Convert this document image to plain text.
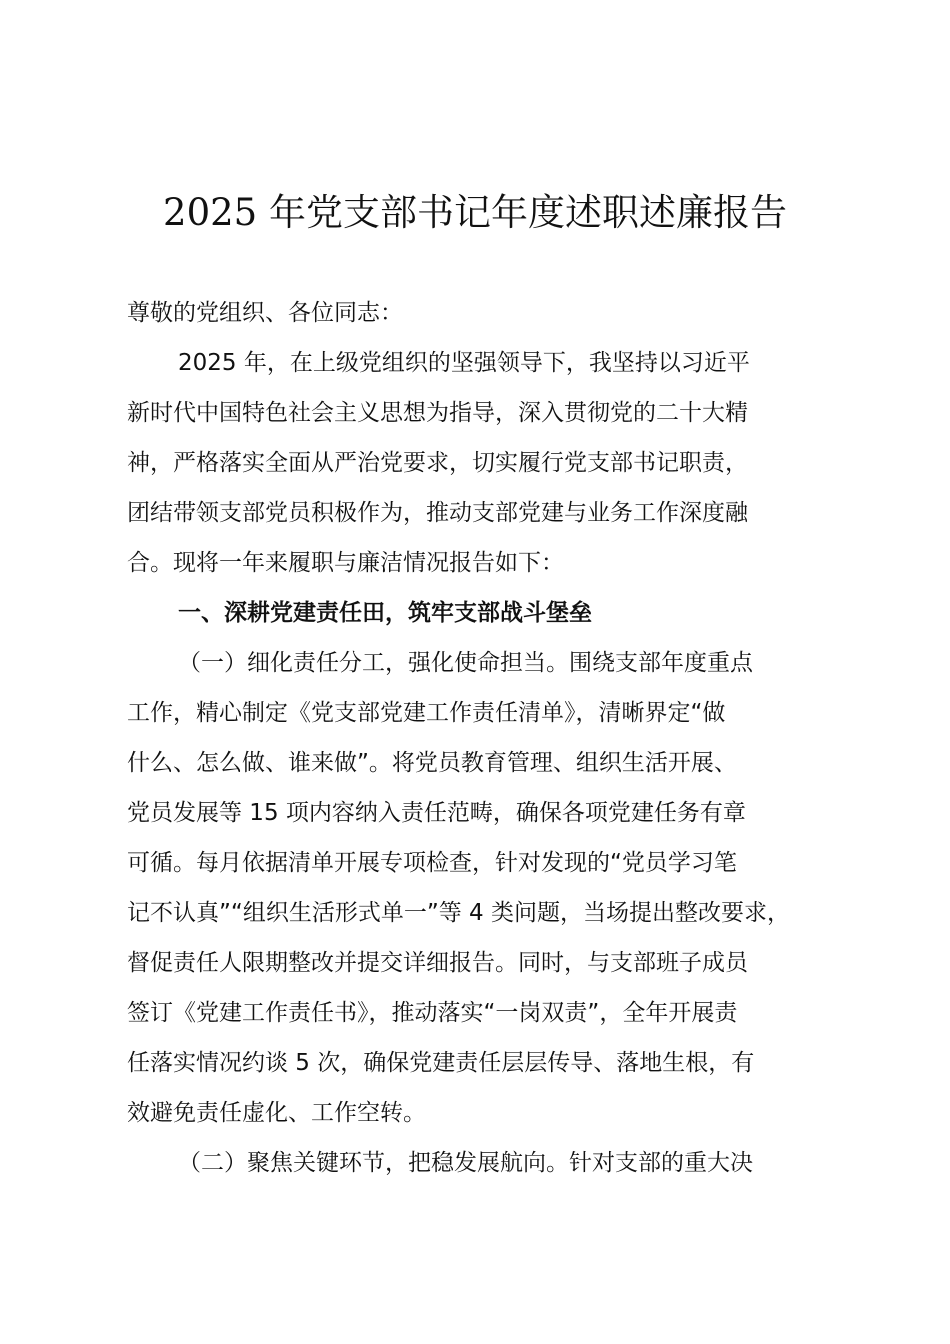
2025 年党支部书记年度述职述廉报告

尊敬的党组织、各位同志：

2025 年，在上级党组织的坚强领导下，我坚持以习近平

新时代中国特色社会主义思想为指导，深入贯彻党的二十大精

神，严格落实全面从严治党要求，切实履行党支部书记职责，

团结带领支部党员积极作为，推动支部党建与业务工作深度融

合。现将一年来履职与廉洁情况报告如下：

一、深耕党建责任田，筑牢支部战斗堡垒

（一）细化责任分工，强化使命担当。围绕支部年度重点

工作，精心制定《党支部党建工作责任清单》，清晰界定“做

什么、怎么做、谁来做”。将党员教育管理、组织生活开展、

党员发展等 15 项内容纳入责任范畴，确保各项党建任务有章

可循。每月依据清单开展专项检查，针对发现的“党员学习笔

记不认真”“组织生活形式单一”等 4 类问题，当场提出整改要求，

督促责任人限期整改并提交详细报告。同时，与支部班子成员

签订《党建工作责任书》，推动落实“一岗双责”，全年开展责

任落实情况约谈 5 次，确保党建责任层层传导、落地生根，有

效避免责任虚化、工作空转。

（二）聚焦关键环节，把稳发展航向。针对支部的重大决
